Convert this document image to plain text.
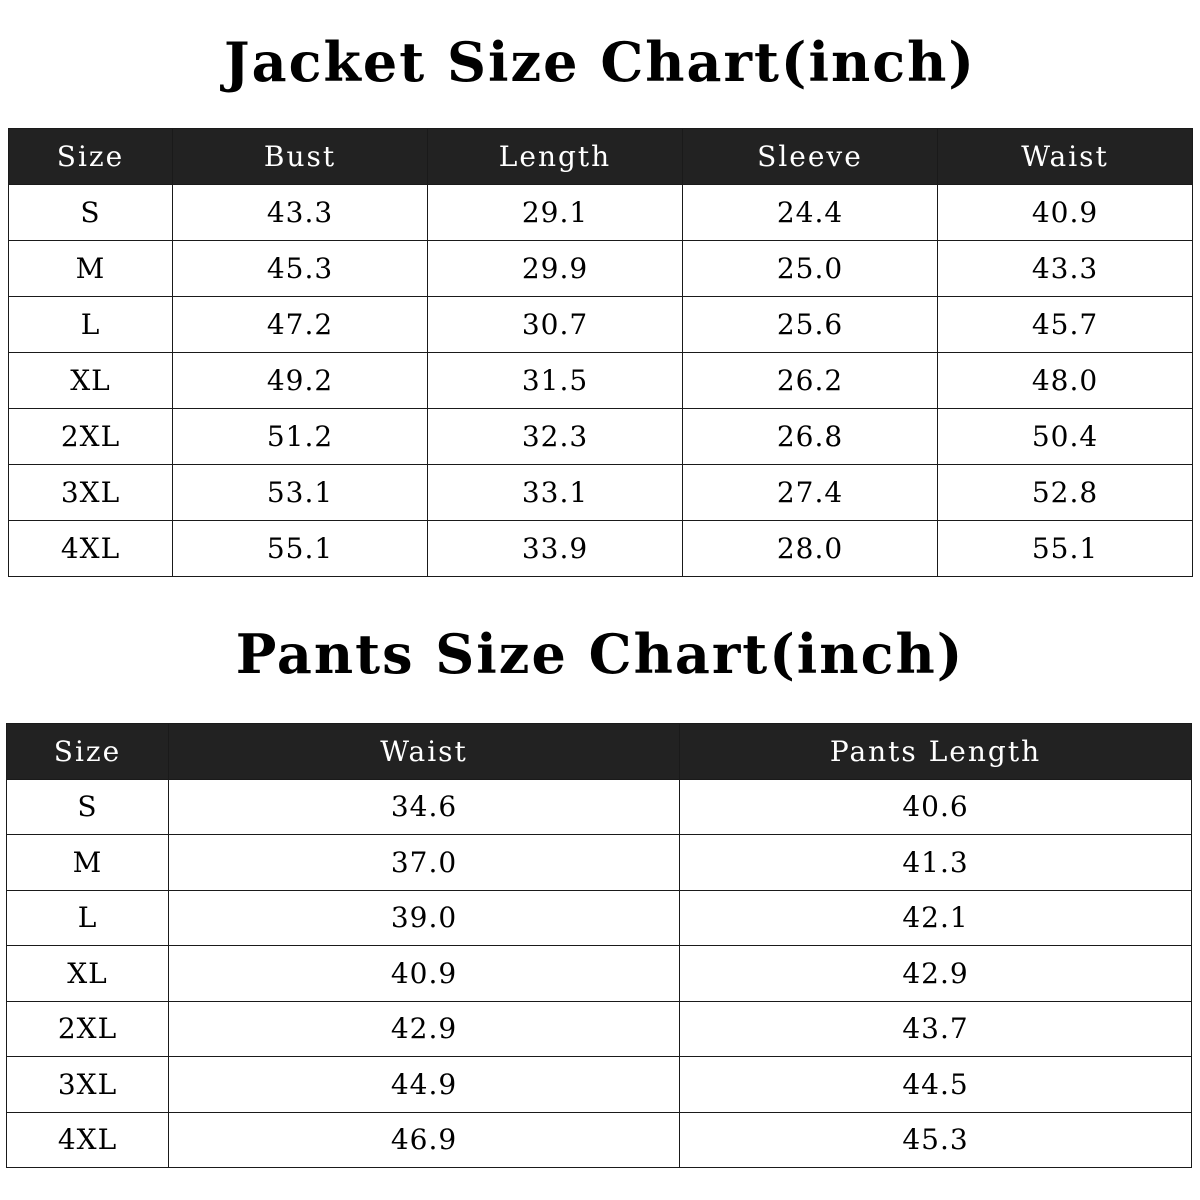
Jacket Size Chart(inch)
Size	Bust	Length	Sleeve	Waist
S	43.3	29.1	24.4	40.9
M	45.3	29.9	25.0	43.3
L	47.2	30.7	25.6	45.7
XL	49.2	31.5	26.2	48.0
2XL	51.2	32.3	26.8	50.4
3XL	53.1	33.1	27.4	52.8
4XL	55.1	33.9	28.0	55.1
Pants Size Chart(inch)
Size	Waist	Pants Length
S	34.6	40.6
M	37.0	41.3
L	39.0	42.1
XL	40.9	42.9
2XL	42.9	43.7
3XL	44.9	44.5
4XL	46.9	45.3
